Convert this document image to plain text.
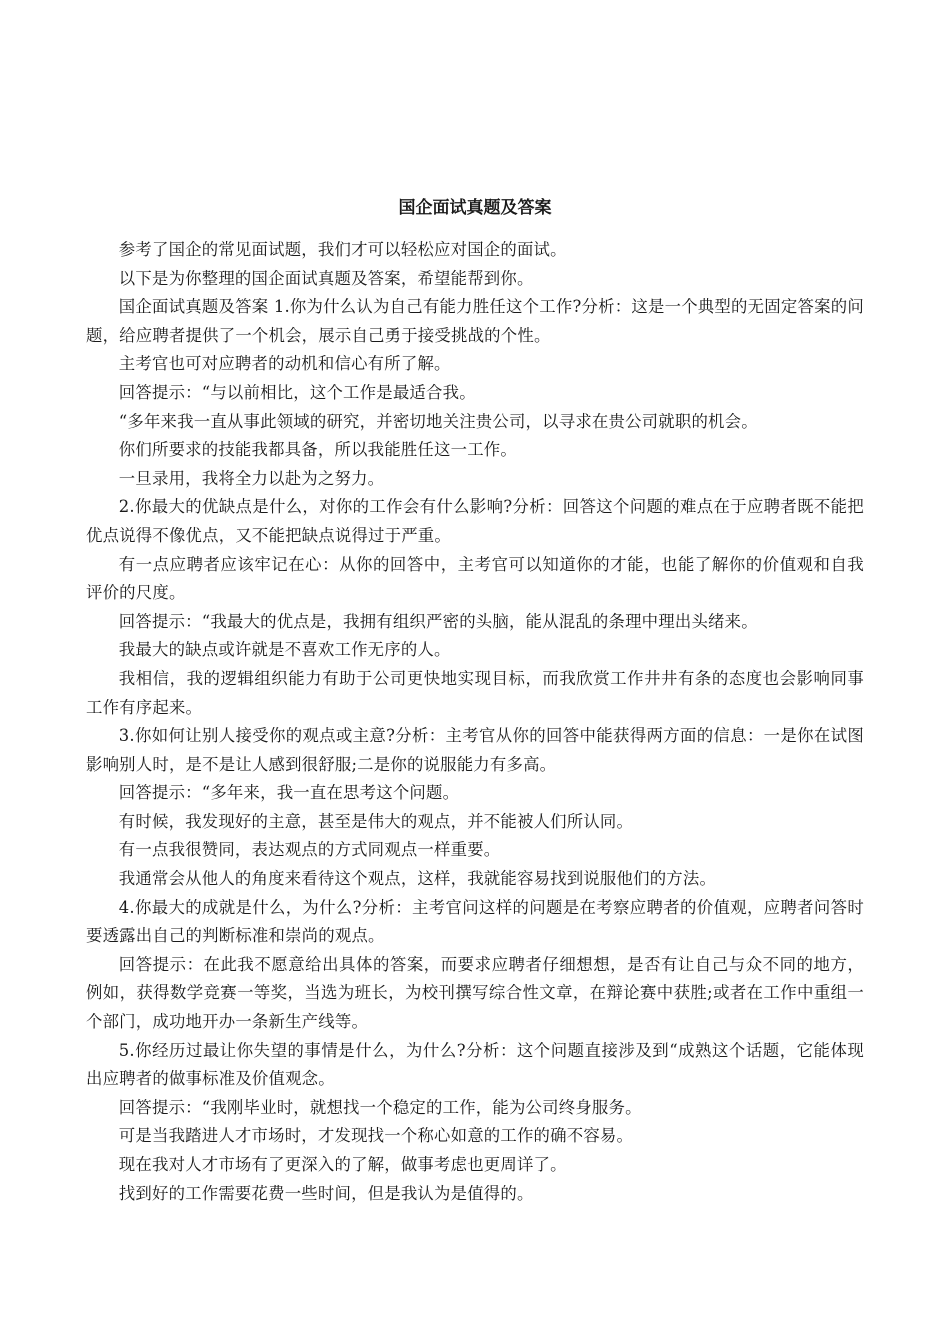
国企面试真题及答案

参考了国企的常见面试题，我们才可以轻松应对国企的面试。

以下是为你整理的国企面试真题及答案，希望能帮到你。

国企面试真题及答案 1.你为什么认为自己有能力胜任这个工作?分析：这是一个典型的无固定答案的问题，给应聘者提供了一个机会，展示自己勇于接受挑战的个性。

主考官也可对应聘者的动机和信心有所了解。

回答提示：“与以前相比，这个工作是最适合我。

“多年来我一直从事此领域的研究，并密切地关注贵公司，以寻求在贵公司就职的机会。

你们所要求的技能我都具备，所以我能胜任这一工作。

一旦录用，我将全力以赴为之努力。

2.你最大的优缺点是什么，对你的工作会有什么影响?分析：回答这个问题的难点在于应聘者既不能把优点说得不像优点，又不能把缺点说得过于严重。

有一点应聘者应该牢记在心：从你的回答中，主考官可以知道你的才能，也能了解你的价值观和自我评价的尺度。

回答提示：“我最大的优点是，我拥有组织严密的头脑，能从混乱的条理中理出头绪来。

我最大的缺点或许就是不喜欢工作无序的人。

我相信，我的逻辑组织能力有助于公司更快地实现目标，而我欣赏工作井井有条的态度也会影响同事工作有序起来。

3.你如何让别人接受你的观点或主意?分析：主考官从你的回答中能获得两方面的信息：一是你在试图影响别人时，是不是让人感到很舒服;二是你的说服能力有多高。

回答提示：“多年来，我一直在思考这个问题。

有时候，我发现好的主意，甚至是伟大的观点，并不能被人们所认同。

有一点我很赞同，表达观点的方式同观点一样重要。

我通常会从他人的角度来看待这个观点，这样，我就能容易找到说服他们的方法。

4.你最大的成就是什么，为什么?分析：主考官问这样的问题是在考察应聘者的价值观，应聘者问答时要透露出自己的判断标准和崇尚的观点。

回答提示：在此我不愿意给出具体的答案，而要求应聘者仔细想想，是否有让自己与众不同的地方，例如，获得数学竞赛一等奖，当选为班长，为校刊撰写综合性文章，在辩论赛中获胜;或者在工作中重组一个部门，成功地开办一条新生产线等。

5.你经历过最让你失望的事情是什么，为什么?分析：这个问题直接涉及到“成熟这个话题，它能体现出应聘者的做事标准及价值观念。

回答提示：“我刚毕业时，就想找一个稳定的工作，能为公司终身服务。

可是当我踏进人才市场时，才发现找一个称心如意的工作的确不容易。

现在我对人才市场有了更深入的了解，做事考虑也更周详了。

找到好的工作需要花费一些时间，但是我认为是值得的。
